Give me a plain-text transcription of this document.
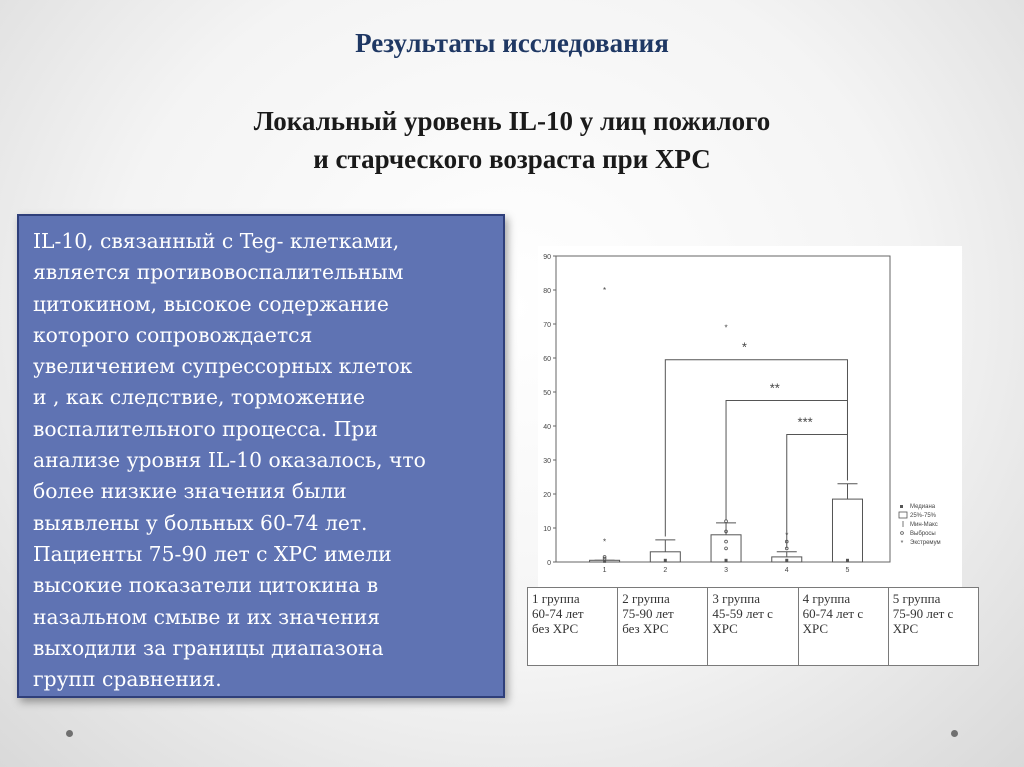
Результаты исследования
Локальный уровень IL-10 у лиц пожилого
и старческого возраста при ХРС
IL-10, связанный с Teg- клетками,
является противовоспалительным
цитокином, высокое содержание
которого сопровождается
увеличением супрессорных клеток
и , как следствие, торможение
воспалительного процесса. При
анализе уровня IL-10 оказалось, что
более низкие значения были
выявлены у больных 60-74 лет.
Пациенты 75-90 лет с ХРС имели
высокие показатели цитокина в
назальном смыве и их значения
выходили за границы диапазона
групп сравнения.
0
10
20
30
40
50
60
70
80
90
1	2	3	4	5
*
*
*
*
*
**
***
Медиана
25%-75%
Мин-Макс
Выбросы
* Экстремум
1 группа
60-74 лет
без ХРС	2 группа
75-90 лет
без ХРС	3 группа
45-59 лет с
ХРС	4 группа
60-74 лет с
ХРС	5 группа
75-90 лет с
ХРС
